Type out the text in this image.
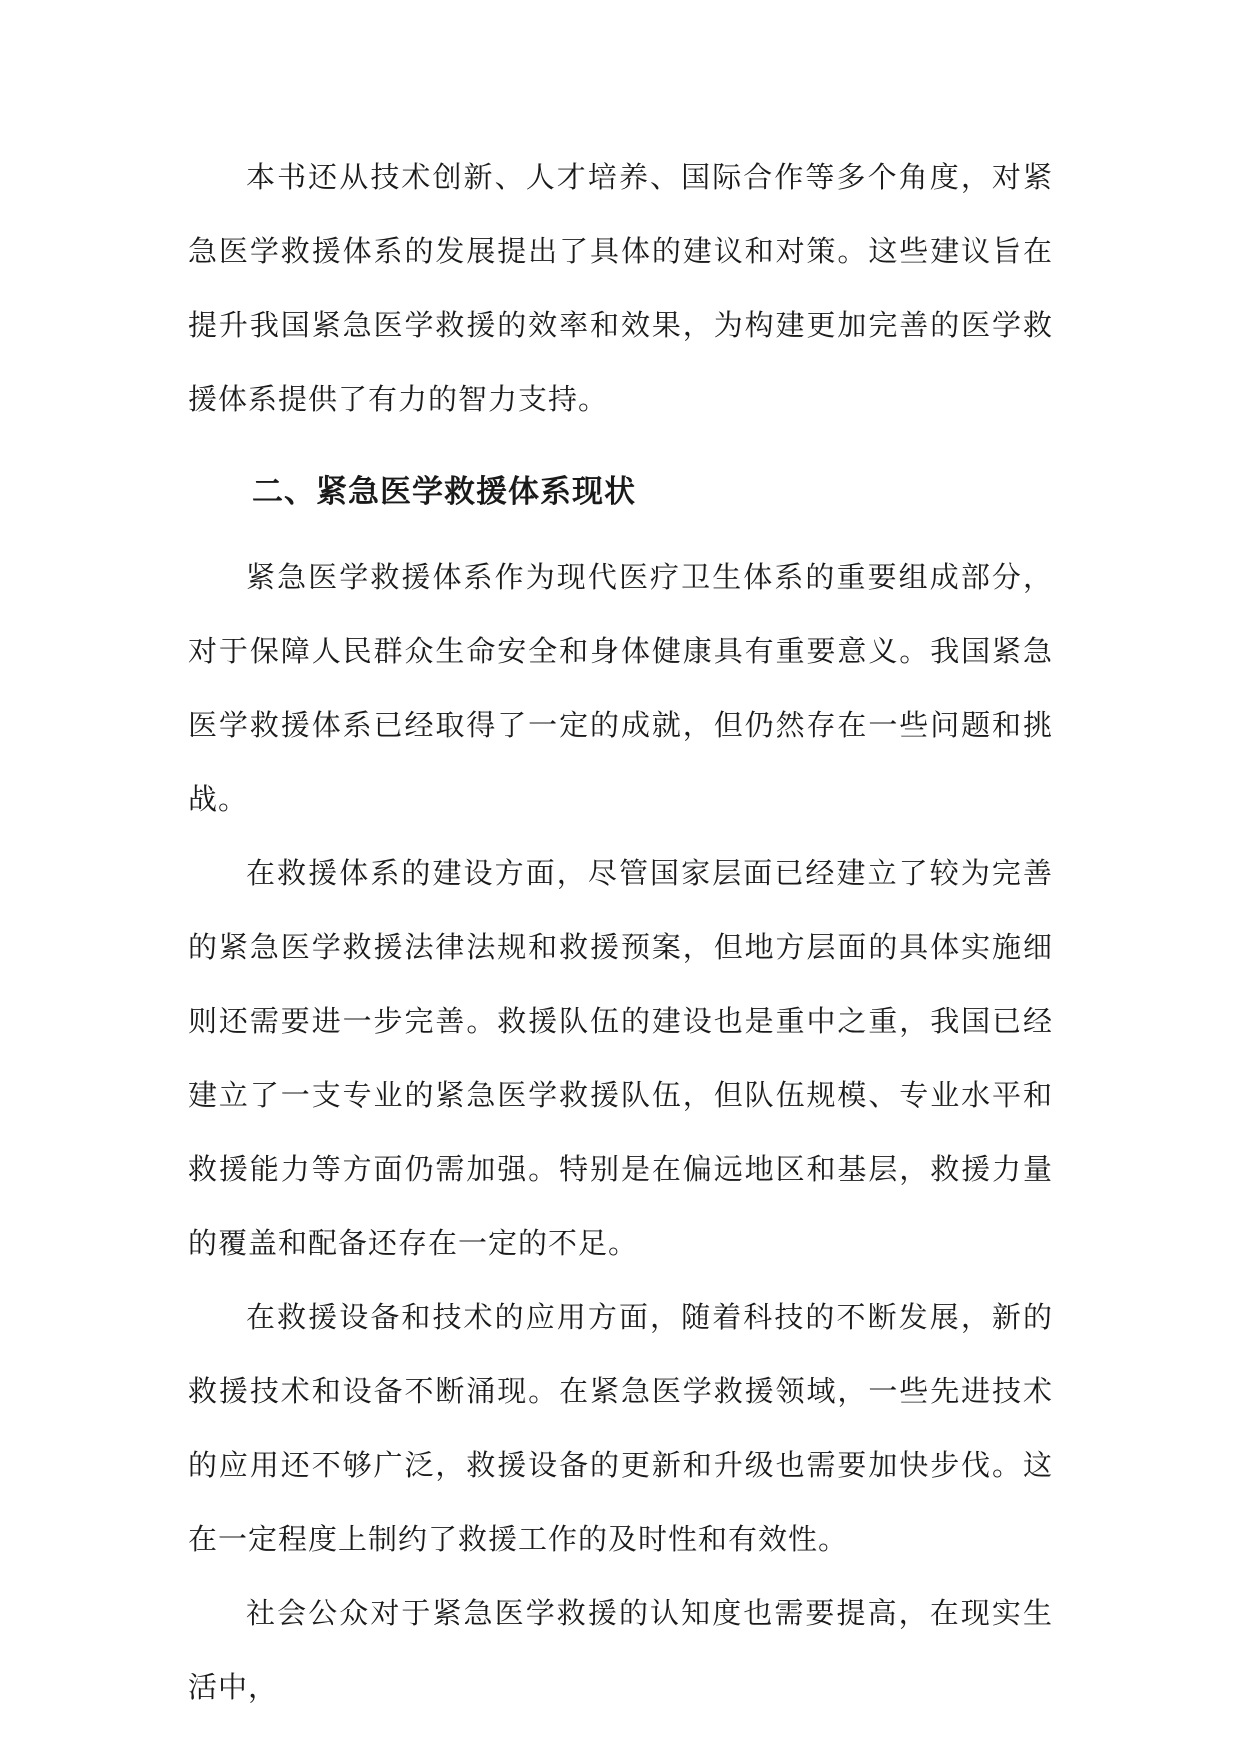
本书还从技术创新、人才培养、国际合作等多个角度，对紧急医学救援体系的发展提出了具体的建议和对策。这些建议旨在提升我国紧急医学救援的效率和效果，为构建更加完善的医学救援体系提供了有力的智力支持。

二、紧急医学救援体系现状

紧急医学救援体系作为现代医疗卫生体系的重要组成部分，对于保障人民群众生命安全和身体健康具有重要意义。我国紧急医学救援体系已经取得了一定的成就，但仍然存在一些问题和挑战。

在救援体系的建设方面，尽管国家层面已经建立了较为完善的紧急医学救援法律法规和救援预案，但地方层面的具体实施细则还需要进一步完善。救援队伍的建设也是重中之重，我国已经建立了一支专业的紧急医学救援队伍，但队伍规模、专业水平和救援能力等方面仍需加强。特别是在偏远地区和基层，救援力量的覆盖和配备还存在一定的不足。

在救援设备和技术的应用方面，随着科技的不断发展，新的救援技术和设备不断涌现。在紧急医学救援领域，一些先进技术的应用还不够广泛，救援设备的更新和升级也需要加快步伐。这在一定程度上制约了救援工作的及时性和有效性。

社会公众对于紧急医学救援的认知度也需要提高，在现实生活中，
